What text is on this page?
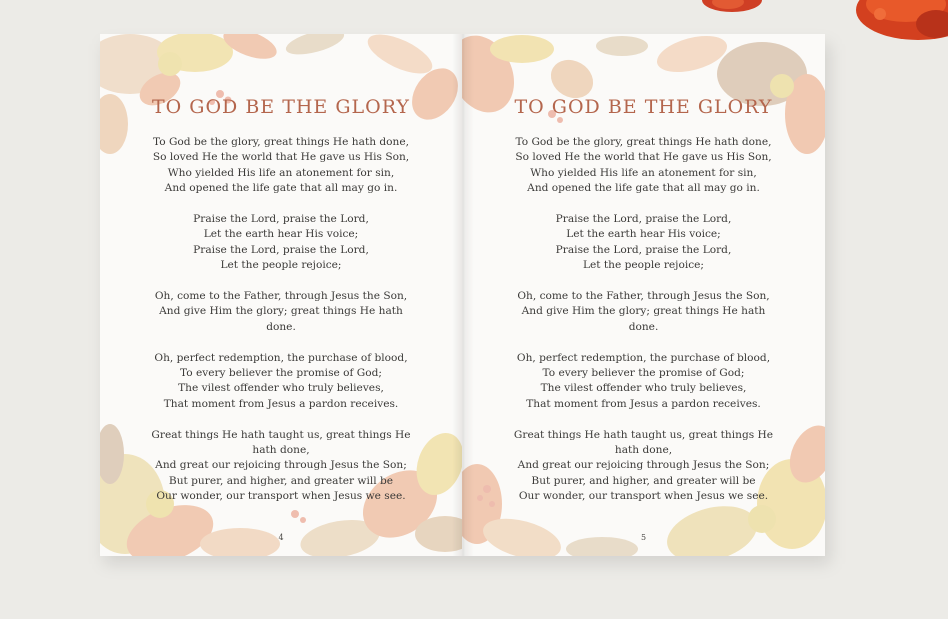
TO GOD BE THE GLORY
To God be the glory, great things He hath done,
So loved He the world that He gave us His Son,
Who yielded His life an atonement for sin,
And opened the life gate that all may go in.
Praise the Lord, praise the Lord,
Let the earth hear His voice;
Praise the Lord, praise the Lord,
Let the people rejoice;
Oh, come to the Father, through Jesus the Son,
And give Him the glory; great things He hath
done.
Oh, perfect redemption, the purchase of blood,
To every believer the promise of God;
The vilest offender who truly believes,
That moment from Jesus a pardon receives.
Great things He hath taught us, great things He
hath done,
And great our rejoicing through Jesus the Son;
But purer, and higher, and greater will be
Our wonder, our transport when Jesus we see.
4
TO GOD BE THE GLORY
To God be the glory, great things He hath done,
So loved He the world that He gave us His Son,
Who yielded His life an atonement for sin,
And opened the life gate that all may go in.
Praise the Lord, praise the Lord,
Let the earth hear His voice;
Praise the Lord, praise the Lord,
Let the people rejoice;
Oh, come to the Father, through Jesus the Son,
And give Him the glory; great things He hath
done.
Oh, perfect redemption, the purchase of blood,
To every believer the promise of God;
The vilest offender who truly believes,
That moment from Jesus a pardon receives.
Great things He hath taught us, great things He
hath done,
And great our rejoicing through Jesus the Son;
But purer, and higher, and greater will be
Our wonder, our transport when Jesus we see.
5
